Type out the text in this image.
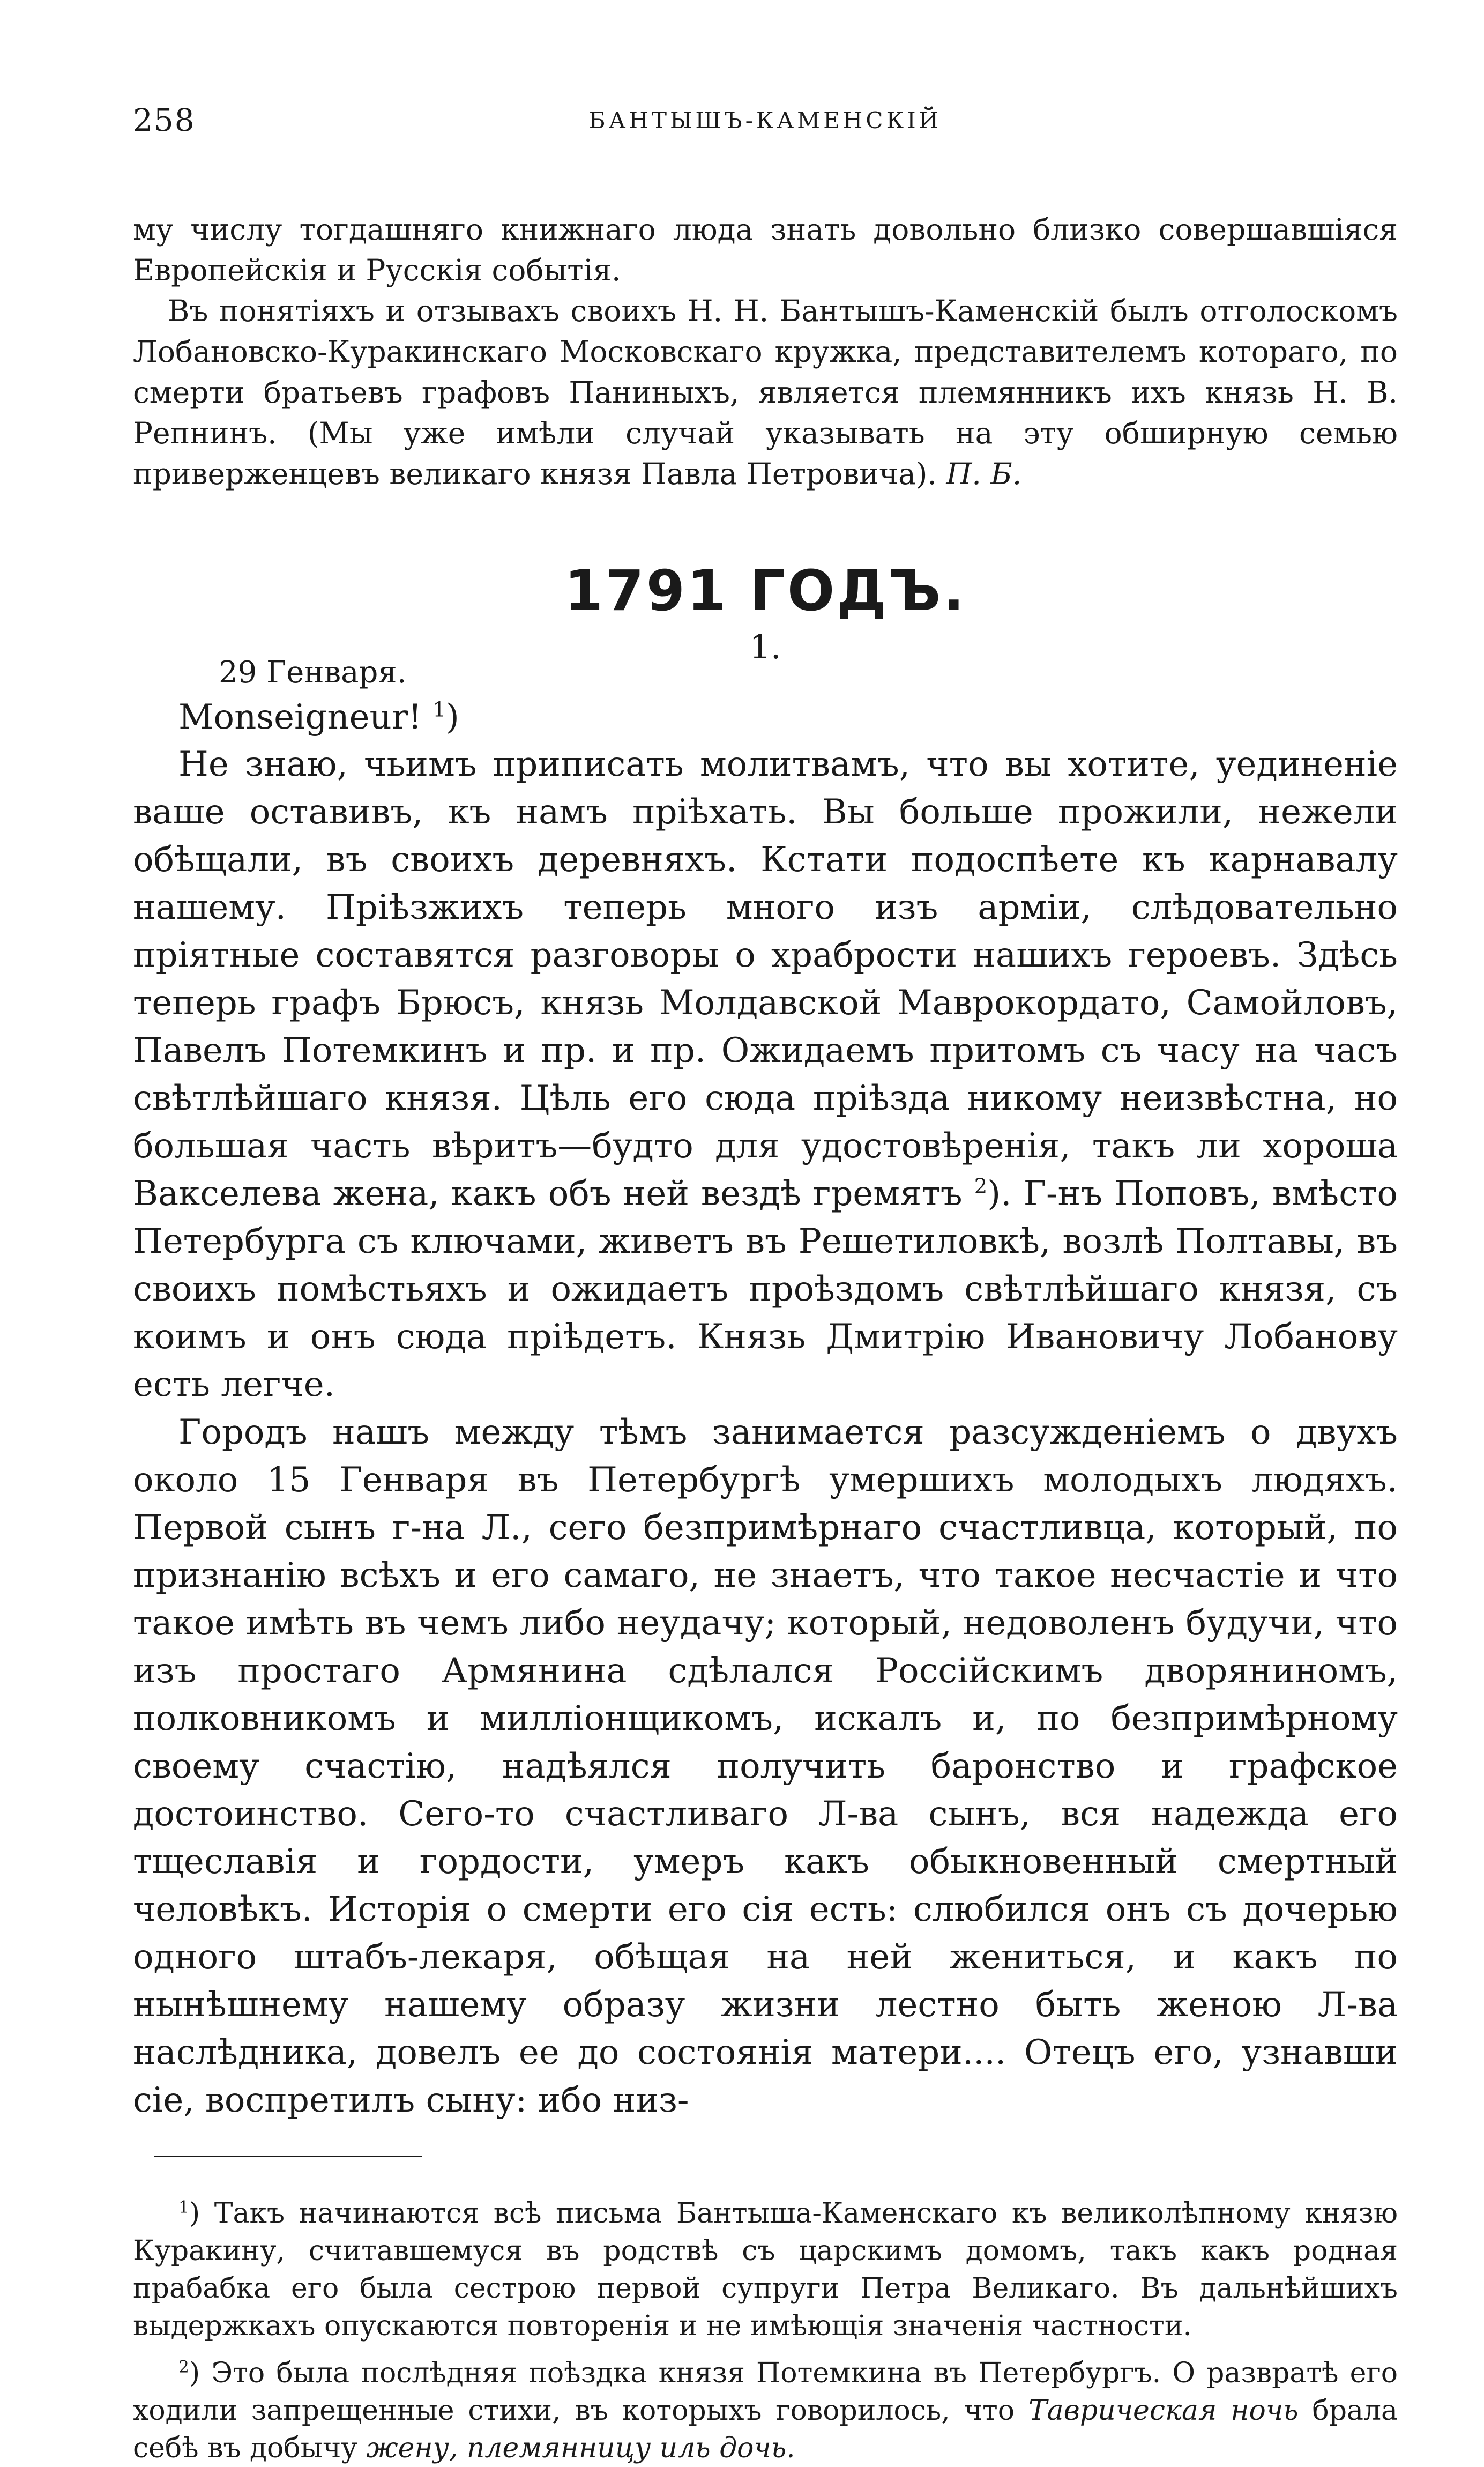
258	БАНТЫШЪ-КАМЕНСКІЙ

му числу тогдашняго книжнаго люда знать довольно близко совершавшіяся Европейскія и Русскія событія.

Въ понятіяхъ и отзывахъ своихъ Н. Н. Бантышъ-Каменскій былъ отголоскомъ Лобановско-Куракинскаго Московскаго кружка, представителемъ котораго, по смерти братьевъ графовъ Паниныхъ, является племянникъ ихъ князь Н. В. Репнинъ. (Мы уже имѣли случай указывать на эту обширную семью приверженцевъ великаго князя Павла Петровича). П. Б.

1791 ГОДЪ.
1.
29 Генваря.
Monseigneur! $^1$)

Не знаю, чьимъ приписать молитвамъ, что вы хотите, уединеніе ваше оставивъ, къ намъ пріѣхать. Вы больше прожили, нежели обѣщали, въ своихъ деревняхъ. Кстати подоспѣете къ карнавалу нашему. Пріѣзжихъ теперь много изъ арміи, слѣдовательно пріятные составятся разговоры о храбрости нашихъ героевъ. Здѣсь теперь графъ Брюсъ, князь Молдавской Маврокордато, Самойловъ, Павелъ Потемкинъ и пр. и пр. Ожидаемъ притомъ съ часу на часъ свѣтлѣйшаго князя. Цѣль его сюда пріѣзда никому неизвѣстна, но большая часть вѣритъ—будто для удостовѣренія, такъ ли хороша Вакселева жена, какъ объ ней вездѣ гремятъ $^2$). Г-нъ Поповъ, вмѣсто Петербурга съ ключами, живетъ въ Решетиловкѣ, возлѣ Полтавы, въ своихъ помѣстьяхъ и ожидаетъ проѣздомъ свѣтлѣйшаго князя, съ коимъ и онъ сюда пріѣдетъ. Князь Дмитрію Ивановичу Лобанову есть легче.

Городъ нашъ между тѣмъ занимается разсужденіемъ о двухъ около 15 Генваря въ Петербургѣ умершихъ молодыхъ людяхъ. Первой сынъ г-на Л., сего безпримѣрнаго счастливца, который, по признанію всѣхъ и его самаго, не знаетъ, что такое несчастіе и что такое имѣть въ чемъ либо неудачу; который, недоволенъ будучи, что изъ простаго Армянина сдѣлался Россійскимъ дворяниномъ, полковникомъ и милліонщикомъ, искалъ и, по безпримѣрному своему счастію, надѣялся получить баронство и графское достоинство. Сего-то счастливаго Л-ва сынъ, вся надежда его тщеславія и гордости, умеръ какъ обыкновенный смертный человѣкъ. Исторія о смерти его сія есть: слюбился онъ съ дочерью одного штабъ-лекаря, обѣщая на ней жениться, и какъ по нынѣшнему нашему образу жизни лестно быть женою Л-ва наслѣдника, довелъ ее до состоянія матери.... Отецъ его, узнавши сіе, воспретилъ сыну: ибо низ-

$^1$) Такъ начинаются всѣ письма Бантыша-Каменскаго къ великолѣпному князю Куракину, считавшемуся въ родствѣ съ царскимъ домомъ, такъ какъ родная прабабка его была сестрою первой супруги Петра Великаго. Въ дальнѣйшихъ выдержкахъ опускаются повторенія и не имѣющія значенія частности.

$^2$) Это была послѣдняя поѣздка князя Потемкина въ Петербургъ. О развратѣ его ходили запрещенные стихи, въ которыхъ говорилось, что Таврическая ночь брала себѣ въ добычу жену, племянницу иль дочь.
